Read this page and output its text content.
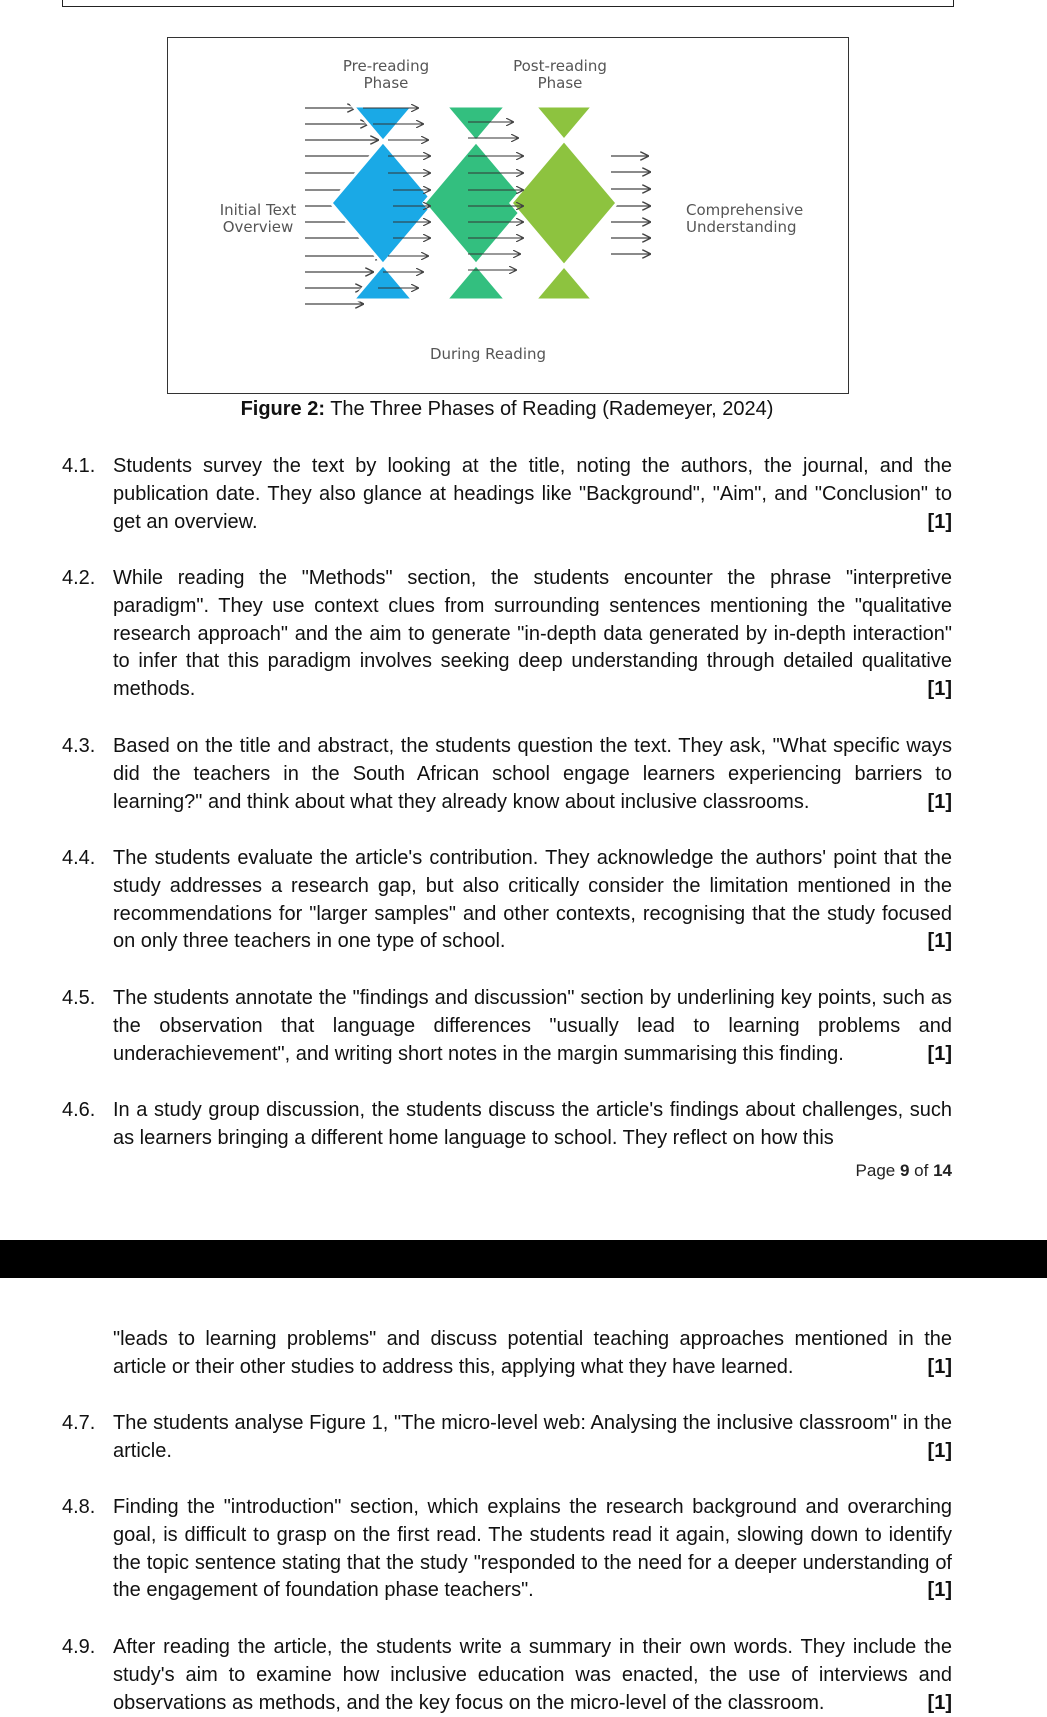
Pre-reading
Phase
Post-reading
Phase
Initial Text
Overview
Comprehensive
Understanding
During Reading
Figure 2: The Three Phases of Reading (Rademeyer, 2024)
4.1. Students survey the text by looking at the title, noting the authors, the journal, and the publication date. They also glance at headings like "Background", "Aim", and "Conclusion" to get an overview.	[1]
4.2. While reading the "Methods" section, the students encounter the phrase "interpretive paradigm". They use context clues from surrounding sentences mentioning the "qualitative research approach" and the aim to generate "in-depth data generated by in-depth interaction" to infer that this paradigm involves seeking deep understanding through detailed qualitative methods.	[1]
4.3. Based on the title and abstract, the students question the text. They ask, "What specific ways did the teachers in the South African school engage learners experiencing barriers to learning?" and think about what they already know about inclusive classrooms.	[1]
4.4. The students evaluate the article's contribution. They acknowledge the authors' point that the study addresses a research gap, but also critically consider the limitation mentioned in the recommendations for "larger samples" and other contexts, recognising that the study focused on only three teachers in one type of school.	[1]
4.5. The students annotate the "findings and discussion" section by underlining key points, such as the observation that language differences "usually lead to learning problems and underachievement", and writing short notes in the margin summarising this finding.	[1]
4.6. In a study group discussion, the students discuss the article's findings about challenges, such as learners bringing a different home language to school. They reflect on how this
Page 9 of 14
"leads to learning problems" and discuss potential teaching approaches mentioned in the article or their other studies to address this, applying what they have learned.	[1]
4.7. The students analyse Figure 1, "The micro-level web: Analysing the inclusive classroom" in the article.	[1]
4.8. Finding the "introduction" section, which explains the research background and overarching goal, is difficult to grasp on the first read. The students read it again, slowing down to identify the topic sentence stating that the study "responded to the need for a deeper understanding of the engagement of foundation phase teachers".	[1]
4.9. After reading the article, the students write a summary in their own words. They include the study's aim to examine how inclusive education was enacted, the use of interviews and observations as methods, and the key focus on the micro-level of the classroom.	[1]
